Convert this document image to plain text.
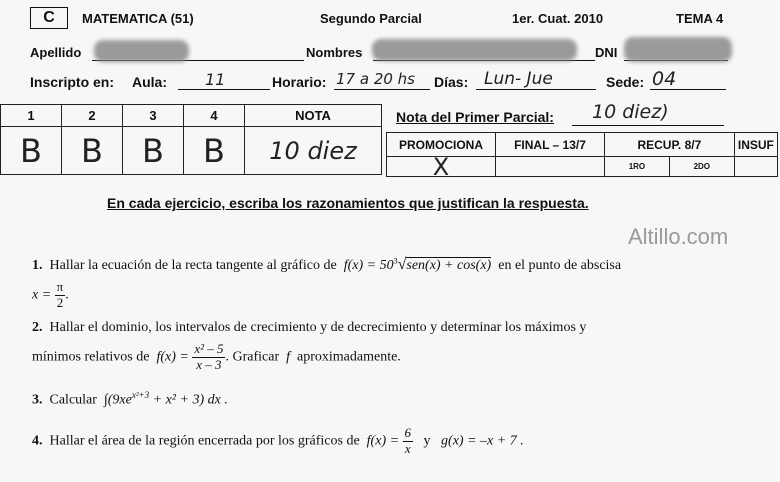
C	MATEMATICA (51)	Segundo Parcial	1er. Cuat. 2010	TEMA 4
Apellido	Nombres	DNI
Inscripto en: Aula: 11	Horario: 17 a 20 hs Días: Lun- Jue	Sede: 04
1	2	3	4	NOTA
B	B	B	B	10 diez
Nota del Primer Parcial: 10 diez)
PROMOCIONA	FINAL – 13/7	RECUP. 8/7		INSUF
X		1RO	2DO	
En cada ejercicio, escriba los razonamientos que justifican la respuesta.
Altillo.com
1. Hallar la ecuación de la recta tangente al gráfico de $f(x) = 50^3√sen(x) + \cos(x)$ en el punto de abscisa
$x = \frac{\pi}{2}$ .
2. Hallar el dominio, los intervalos de crecimiento y de decrecimiento y determinar los máximos y
mínimos relativos de $f(x) = \frac{\text{x² – 5}}{x - 3}$ . Graficar f aproximadamente.
3. Calcular $\int(9xe^{x^2+3} + x^2 + 3)$ dx .
4. Hallar el área de la región encerrada por los gráficos de $f(x) = \frac{6}{x}$ y g(x) = –x + 7 .
